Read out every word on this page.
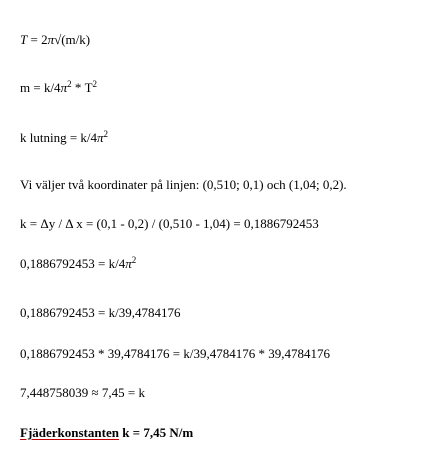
T = 2π√(m/k)
$m = k/4\pi^2 * T^2$
k lutning = $k/4\pi^2$
Vi väljer två koordinater på linjen: (0,510; 0,1) och (1,04; 0,2).
k = Δy / Δ x = (0,1 - 0,2) / (0,510 - 1,04) = 0,1886792453
$0,1886792453 = k/4\pi^2$
0,1886792453 = k/39,4784176
0,1886792453 * 39,4784176 = k/39,4784176 * 39,4784176
7,448758039 ≈ 7,45 = k
Fjäderkonstanten k = 7,45 N/m
